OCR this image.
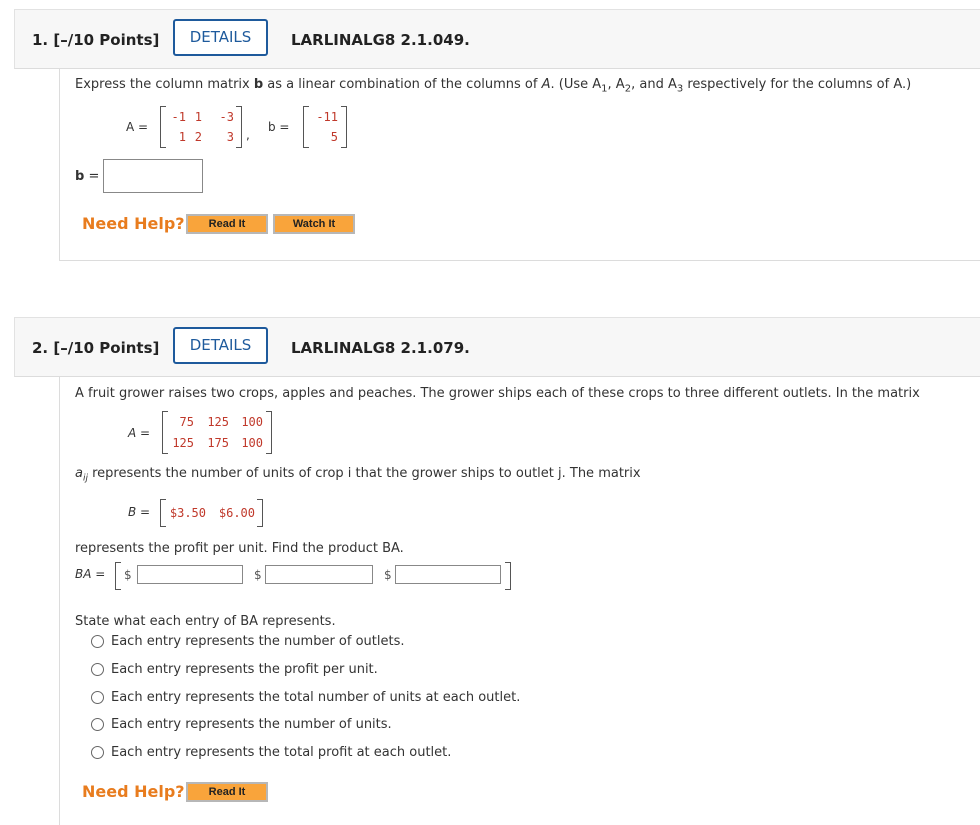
1. [–/10 Points]	DETAILS	LARLINALG8 2.1.049.
Express the column matrix b as a linear combination of the columns of A. (Use $A_1$, $A_2$, and $A_3$ respectively for the columns of A.)
A =
-1 1	-3
1 2	3 ,
b =
-11
5
b =
Need Help?	Read It	Watch It
2. [–/10 Points]	DETAILS	LARLINALG8 2.1.079.
A fruit grower raises two crops, apples and peaches. The grower ships each of these crops to three different outlets. In the matrix
A =
75	125	100
125	175	100
$a_{ij}$ represents the number of units of crop i that the grower ships to outlet j. The matrix
B = $3.50	$6.00
represents the profit per unit. Find the product BA.
BA = $	$	$
State what each entry of BA represents.
Each entry represents the number of outlets.
Each entry represents the profit per unit.
Each entry represents the total number of units at each outlet.
Each entry represents the number of units.
Each entry represents the total profit at each outlet.
Need Help?	Read It
